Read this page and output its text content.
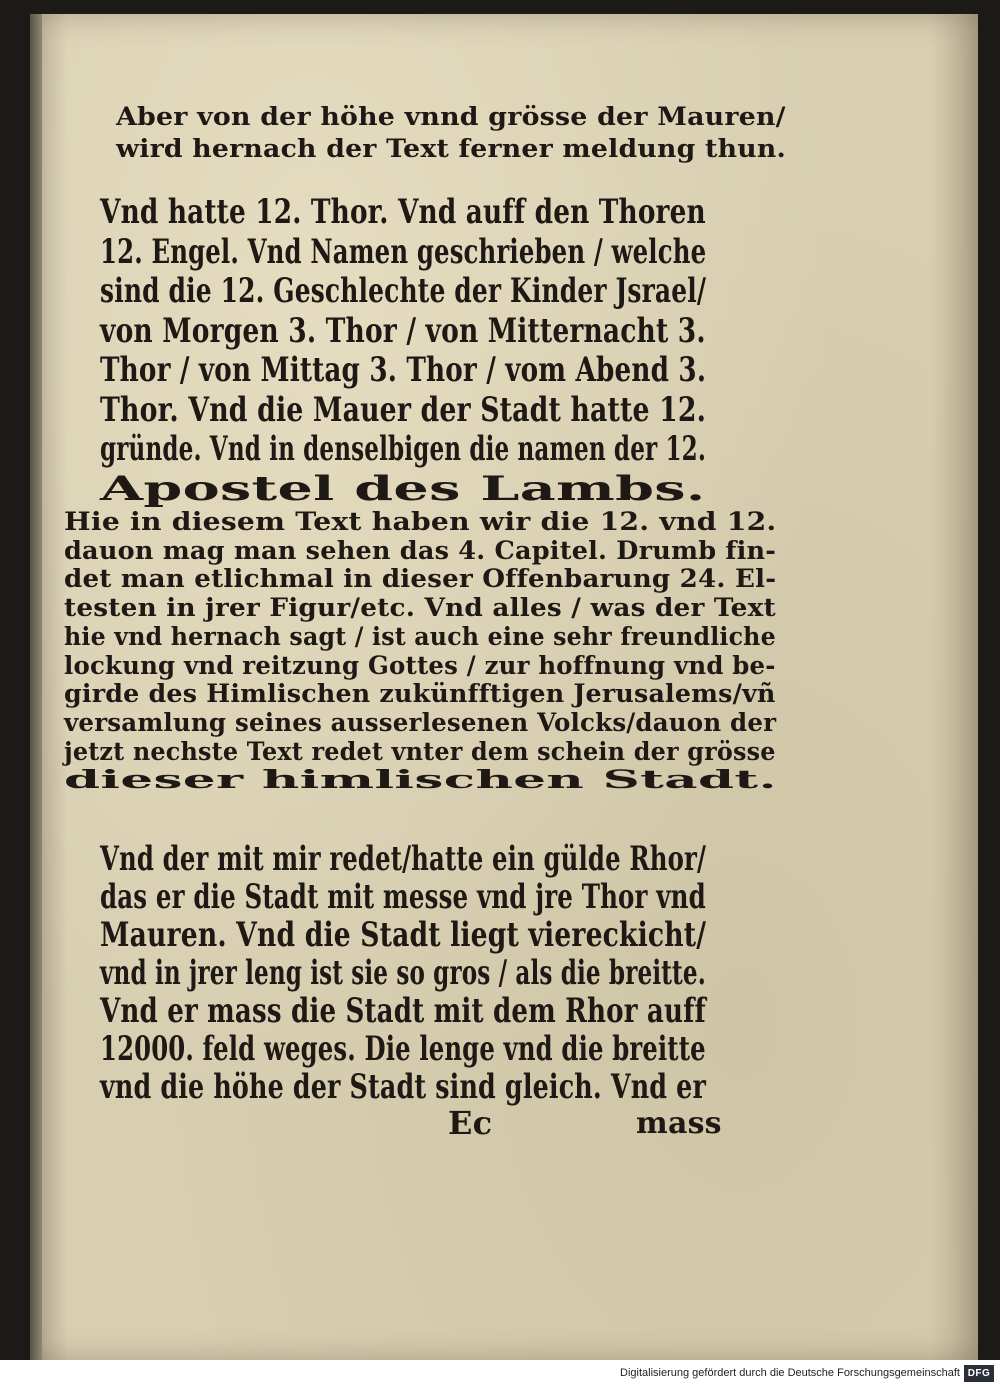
Aber von der höhe vnnd grösse der Mauren/
wird hernach der Text ferner meldung thun.
Vnd hatte 12. Thor. Vnd auff den Thoren
12. Engel. Vnd Namen geschrieben / welche
sind die 12. Geschlechte der Kinder Jsrael/
von Morgen 3. Thor / von Mitternacht 3.
Thor / von Mittag 3. Thor / vom Abend 3.
Thor. Vnd die Mauer der Stadt hatte 12.
gründe. Vnd in denselbigen die namen der 12.
Apostel des Lambs.
Hie in diesem Text haben wir die 12. vnd 12.
dauon mag man sehen das 4. Capitel. Drumb fin-
det man etlichmal in dieser Offenbarung 24. El-
testen in jrer Figur/etc. Vnd alles / was der Text
hie vnd hernach sagt / ist auch eine sehr freundliche
lockung vnd reitzung Gottes / zur hoffnung vnd be-
girde des Himlischen zukünfftigen Jerusalems/vñ
versamlung seines ausserlesenen Volcks/dauon der
jetzt nechste Text redet vnter dem schein der grösse
dieser himlischen Stadt.
Vnd der mit mir redet/hatte ein gülde Rhor/
das er die Stadt mit messe vnd jre Thor vnd
Mauren. Vnd die Stadt liegt viereckicht/
vnd in jrer leng ist sie so gros / als die breitte.
Vnd er mass die Stadt mit dem Rhor auff
12000. feld weges. Die lenge vnd die breitte
vnd die höhe der Stadt sind gleich. Vnd er
Ec	mass
Digitalisierung gefördert durch die Deutsche Forschungsgemeinschaft DFG
